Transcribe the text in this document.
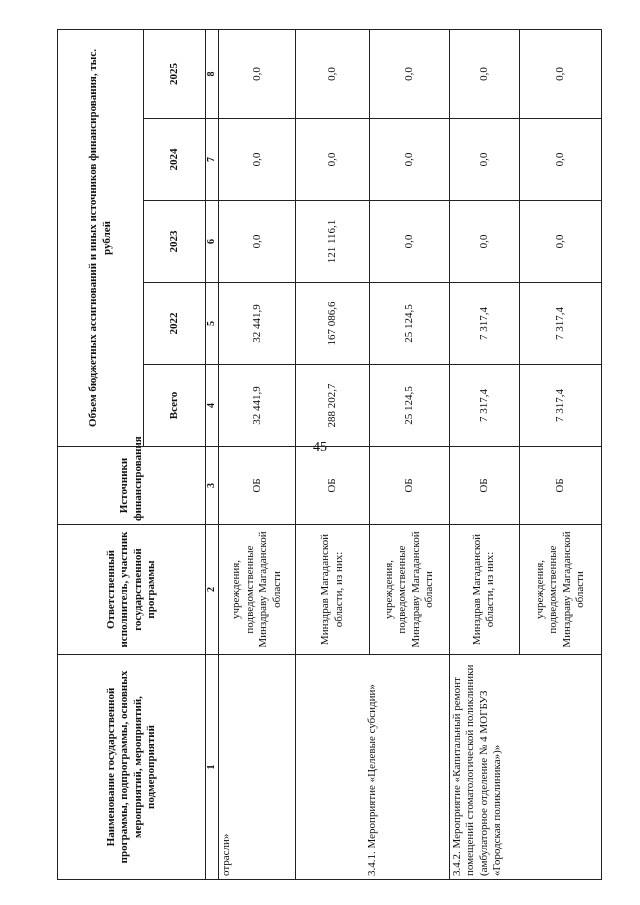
45
Наименование государственной программы, подпрограммы, основных мероприятий, мероприятий, подмероприятий	Ответственный исполнитель, участник государственной программы	Источники финансирования	Объем бюджетных ассигнований и иных источников финансирования, тыс. рублей				
			Всего	2022	2023	2024	2025
1	2	3	4	5	6	7	8
отрасли»	учреждения, подведомственные Минздраву Магаданской области	ОБ	32 441,9	32 441,9	0,0	0,0	0,0
3.4.1. Мероприятие «Целевые субсидии»	Минздрав Магаданской области, из них:	ОБ	288 202,7	167 086,6	121 116,1	0,0	0,0
	учреждения, подведомственные Минздраву Магаданской области	ОБ	25 124,5	25 124,5	0,0	0,0	0,0
3.4.2. Мероприятие «Капитальный ремонт помещений стоматологической поликлиники (амбулаторное отделение № 4 МОГБУЗ «Городская поликлиника»)»	Минздрав Магаданской области, из них:	ОБ	7 317,4	7 317,4	0,0	0,0	0,0
	учреждения, подведомственные Минздраву Магаданской области	ОБ	7 317,4	7 317,4	0,0	0,0	0,0
